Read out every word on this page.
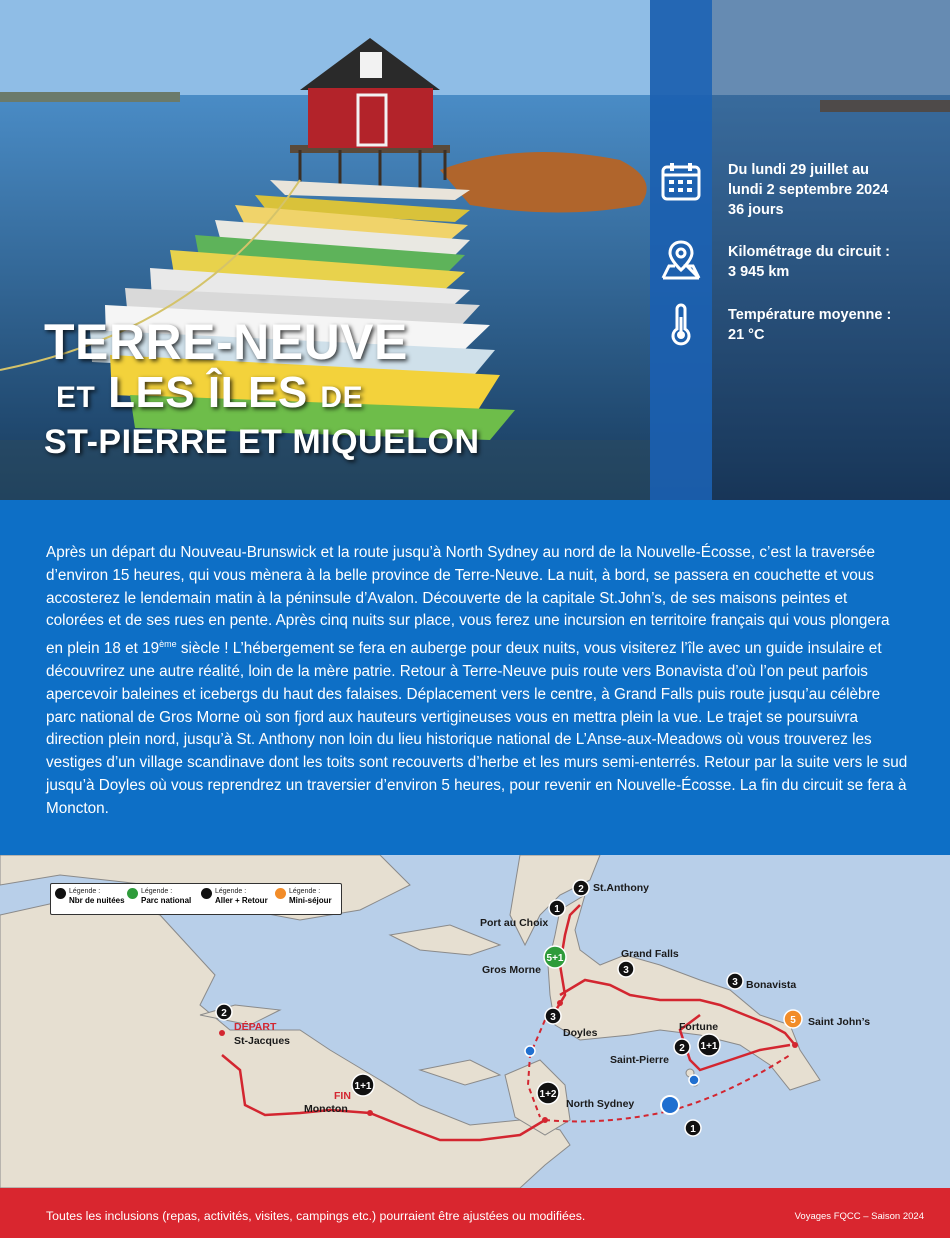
Du lundi 29 juillet au
lundi 2 septembre 2024
36 jours
Kilométrage du circuit :
3 945 km
Température moyenne :
21 °C
TERRE-NEUVE
ET LES ÎLES DE
ST-PIERRE ET MIQUELON

Après un départ du Nouveau-Brunswick et la route jusqu’à North Sydney au nord de la Nouvelle-Écosse, c’est la traversée d’environ 15 heures, qui vous mènera à la belle province de Terre-Neuve. La nuit, à bord, se passera en couchette et vous accosterez le lendemain matin à la péninsule d’Avalon. Découverte de la capitale St.John’s, de ses maisons peintes et colorées et de ses rues en pente. Après cinq nuits sur place, vous ferez une incursion en territoire français qui vous plongera en plein 18 et 19ème siècle ! L’hébergement se fera en auberge pour deux nuits, vous visiterez l’île avec un guide insulaire et découvrirez une autre réalité, loin de la mère patrie. Retour à Terre-Neuve puis route vers Bonavista d’où l’on peut parfois apercevoir baleines et icebergs du haut des falaises. Déplacement vers le centre, à Grand Falls puis route jusqu’au célèbre parc national de Gros Morne où son fjord aux hauteurs vertigineuses vous en mettra plein la vue. Le trajet se poursuivra direction plein nord, jusqu’à St. Anthony non loin du lieu historique national de L’Anse-aux-Meadows où vous trouverez les vestiges d’un village scandinave dont les toits sont recouverts d’herbe et les murs semi-enterrés. Retour par la suite vers le sud jusqu’à Doyles où vous reprendrez un traversier d’environ 5 heures, pour revenir en Nouvelle-Écosse. La fin du circuit se fera à Moncton.

Légende :
Nbr de nuitées
Légende :
Parc national
Légende :
Aller + Retour
Légende :
Mini-séjour
2
1
5+1
3
3
5
3
2 1+1
1+2
2
1+1
1
St.Anthony
Port au Choix
Gros Morne
Grand Falls
Bonavista
Saint John’s
Doyles	Fortune
Saint-Pierre
North Sydney
DÉPART
St-Jacques
FIN
Moncton
Toutes les inclusions (repas, activités, visites, campings etc.) pourraient être ajustées ou modifiées.	Voyages FQCC – Saison 2024
